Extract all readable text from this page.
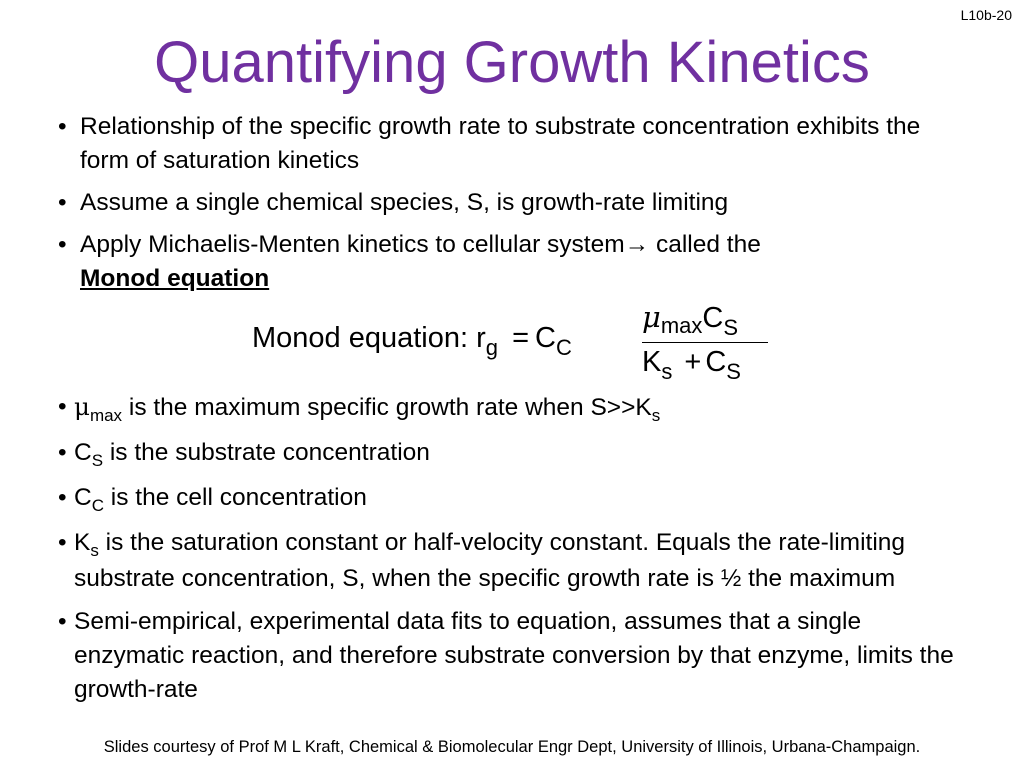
L10b-20
Quantifying Growth Kinetics
• Relationship of the specific growth rate to substrate concentration exhibits the form of saturation kinetics
• Assume a single chemical species, S, is growth-rate limiting
• Apply Michaelis-Menten kinetics to cellular system→ called the
Monod equation
Monod equation: $r_g = C_C$
$\mu_{max}C_S$
$K_s + C_S$
• $\mu_{max}$ is the maximum specific growth rate when $S>>K_s$
• $C_S$ is the substrate concentration
• $C_C$ is the cell concentration
• $K_s$ is the saturation constant or half-velocity constant. Equals the rate-limiting substrate concentration, S, when the specific growth rate is ½ the maximum
• Semi-empirical, experimental data fits to equation, assumes that a single enzymatic reaction, and therefore substrate conversion by that enzyme, limits the growth-rate
Slides courtesy of Prof M L Kraft, Chemical & Biomolecular Engr Dept, University of Illinois, Urbana-Champaign.
